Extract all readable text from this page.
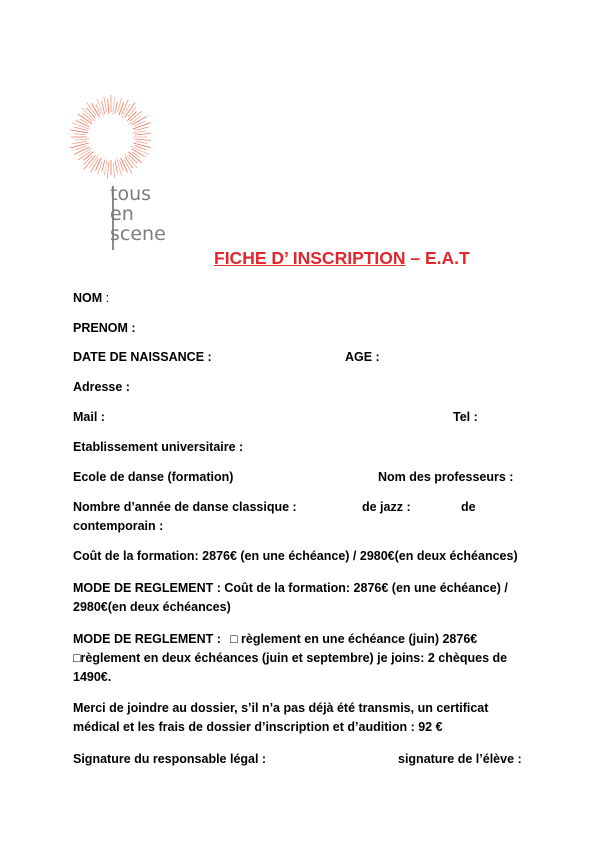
tous
en
scene
FICHE D’ INSCRIPTION – E.A.T
NOM :
PRENOM :
DATE DE NAISSANCE :	AGE :
Adresse :
Mail :	Tel :
Etablissement universitaire :
Ecole de danse (formation)	Nom des professeurs :
Nombre d’année de danse classique :	de jazz :	de
contemporain :
Coût de la formation: 2876€ (en une échéance) / 2980€(en deux échéances)
MODE DE REGLEMENT : Coût de la formation: 2876€ (en une échéance) /
2980€(en deux échéances)
MODE DE REGLEMENT : □ règlement en une échéance (juin) 2876€
□règlement en deux échéances (juin et septembre) je joins: 2 chèques de
1490€.
Merci de joindre au dossier, s’il n’a pas déjà été transmis, un certificat
médical et les frais de dossier d’inscription et d’audition : 92 €
Signature du responsable légal :	signature de l’élève :
